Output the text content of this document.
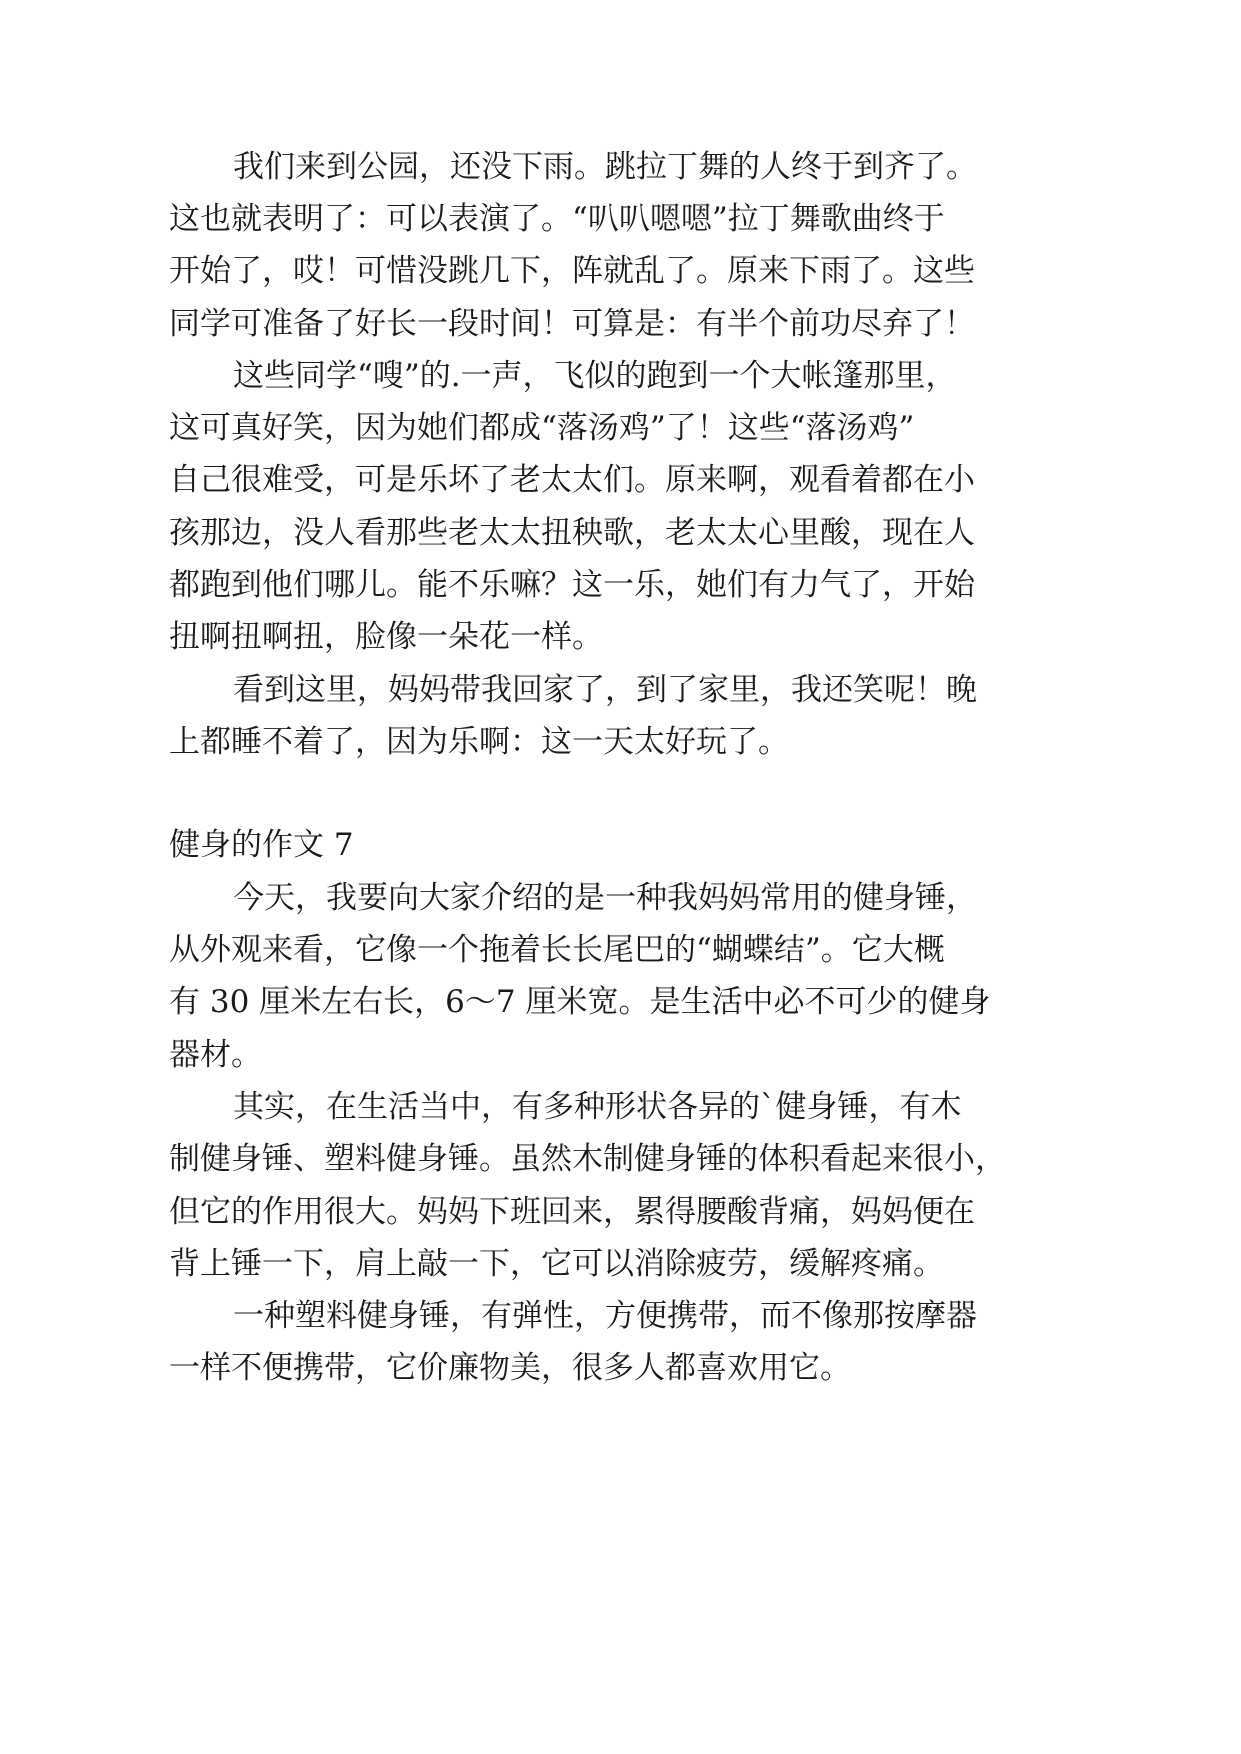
我们来到公园，还没下雨。跳拉丁舞的人终于到齐了。

这也就表明了：可以表演了。“叭叭嗯嗯”拉丁舞歌曲终于

开始了，哎！可惜没跳几下，阵就乱了。原来下雨了。这些

同学可准备了好长一段时间！可算是：有半个前功尽弃了！

这些同学“嗖”的.一声，飞似的跑到一个大帐篷那里，

这可真好笑，因为她们都成“落汤鸡”了！这些“落汤鸡”

自己很难受，可是乐坏了老太太们。原来啊，观看着都在小

孩那边，没人看那些老太太扭秧歌，老太太心里酸，现在人

都跑到他们哪儿。能不乐嘛？这一乐，她们有力气了，开始

扭啊扭啊扭，脸像一朵花一样。

看到这里，妈妈带我回家了，到了家里，我还笑呢！晚

上都睡不着了，因为乐啊：这一天太好玩了。

健身的作文 7

今天，我要向大家介绍的是一种我妈妈常用的健身锤，

从外观来看，它像一个拖着长长尾巴的“蝴蝶结”。它大概

有 30 厘米左右长，6～7 厘米宽。是生活中必不可少的健身

器材。

其实，在生活当中，有多种形状各异的`健身锤，有木

制健身锤、塑料健身锤。虽然木制健身锤的体积看起来很小，

但它的作用很大。妈妈下班回来，累得腰酸背痛，妈妈便在

背上锤一下，肩上敲一下，它可以消除疲劳，缓解疼痛。

一种塑料健身锤，有弹性，方便携带，而不像那按摩器

一样不便携带，它价廉物美，很多人都喜欢用它。
